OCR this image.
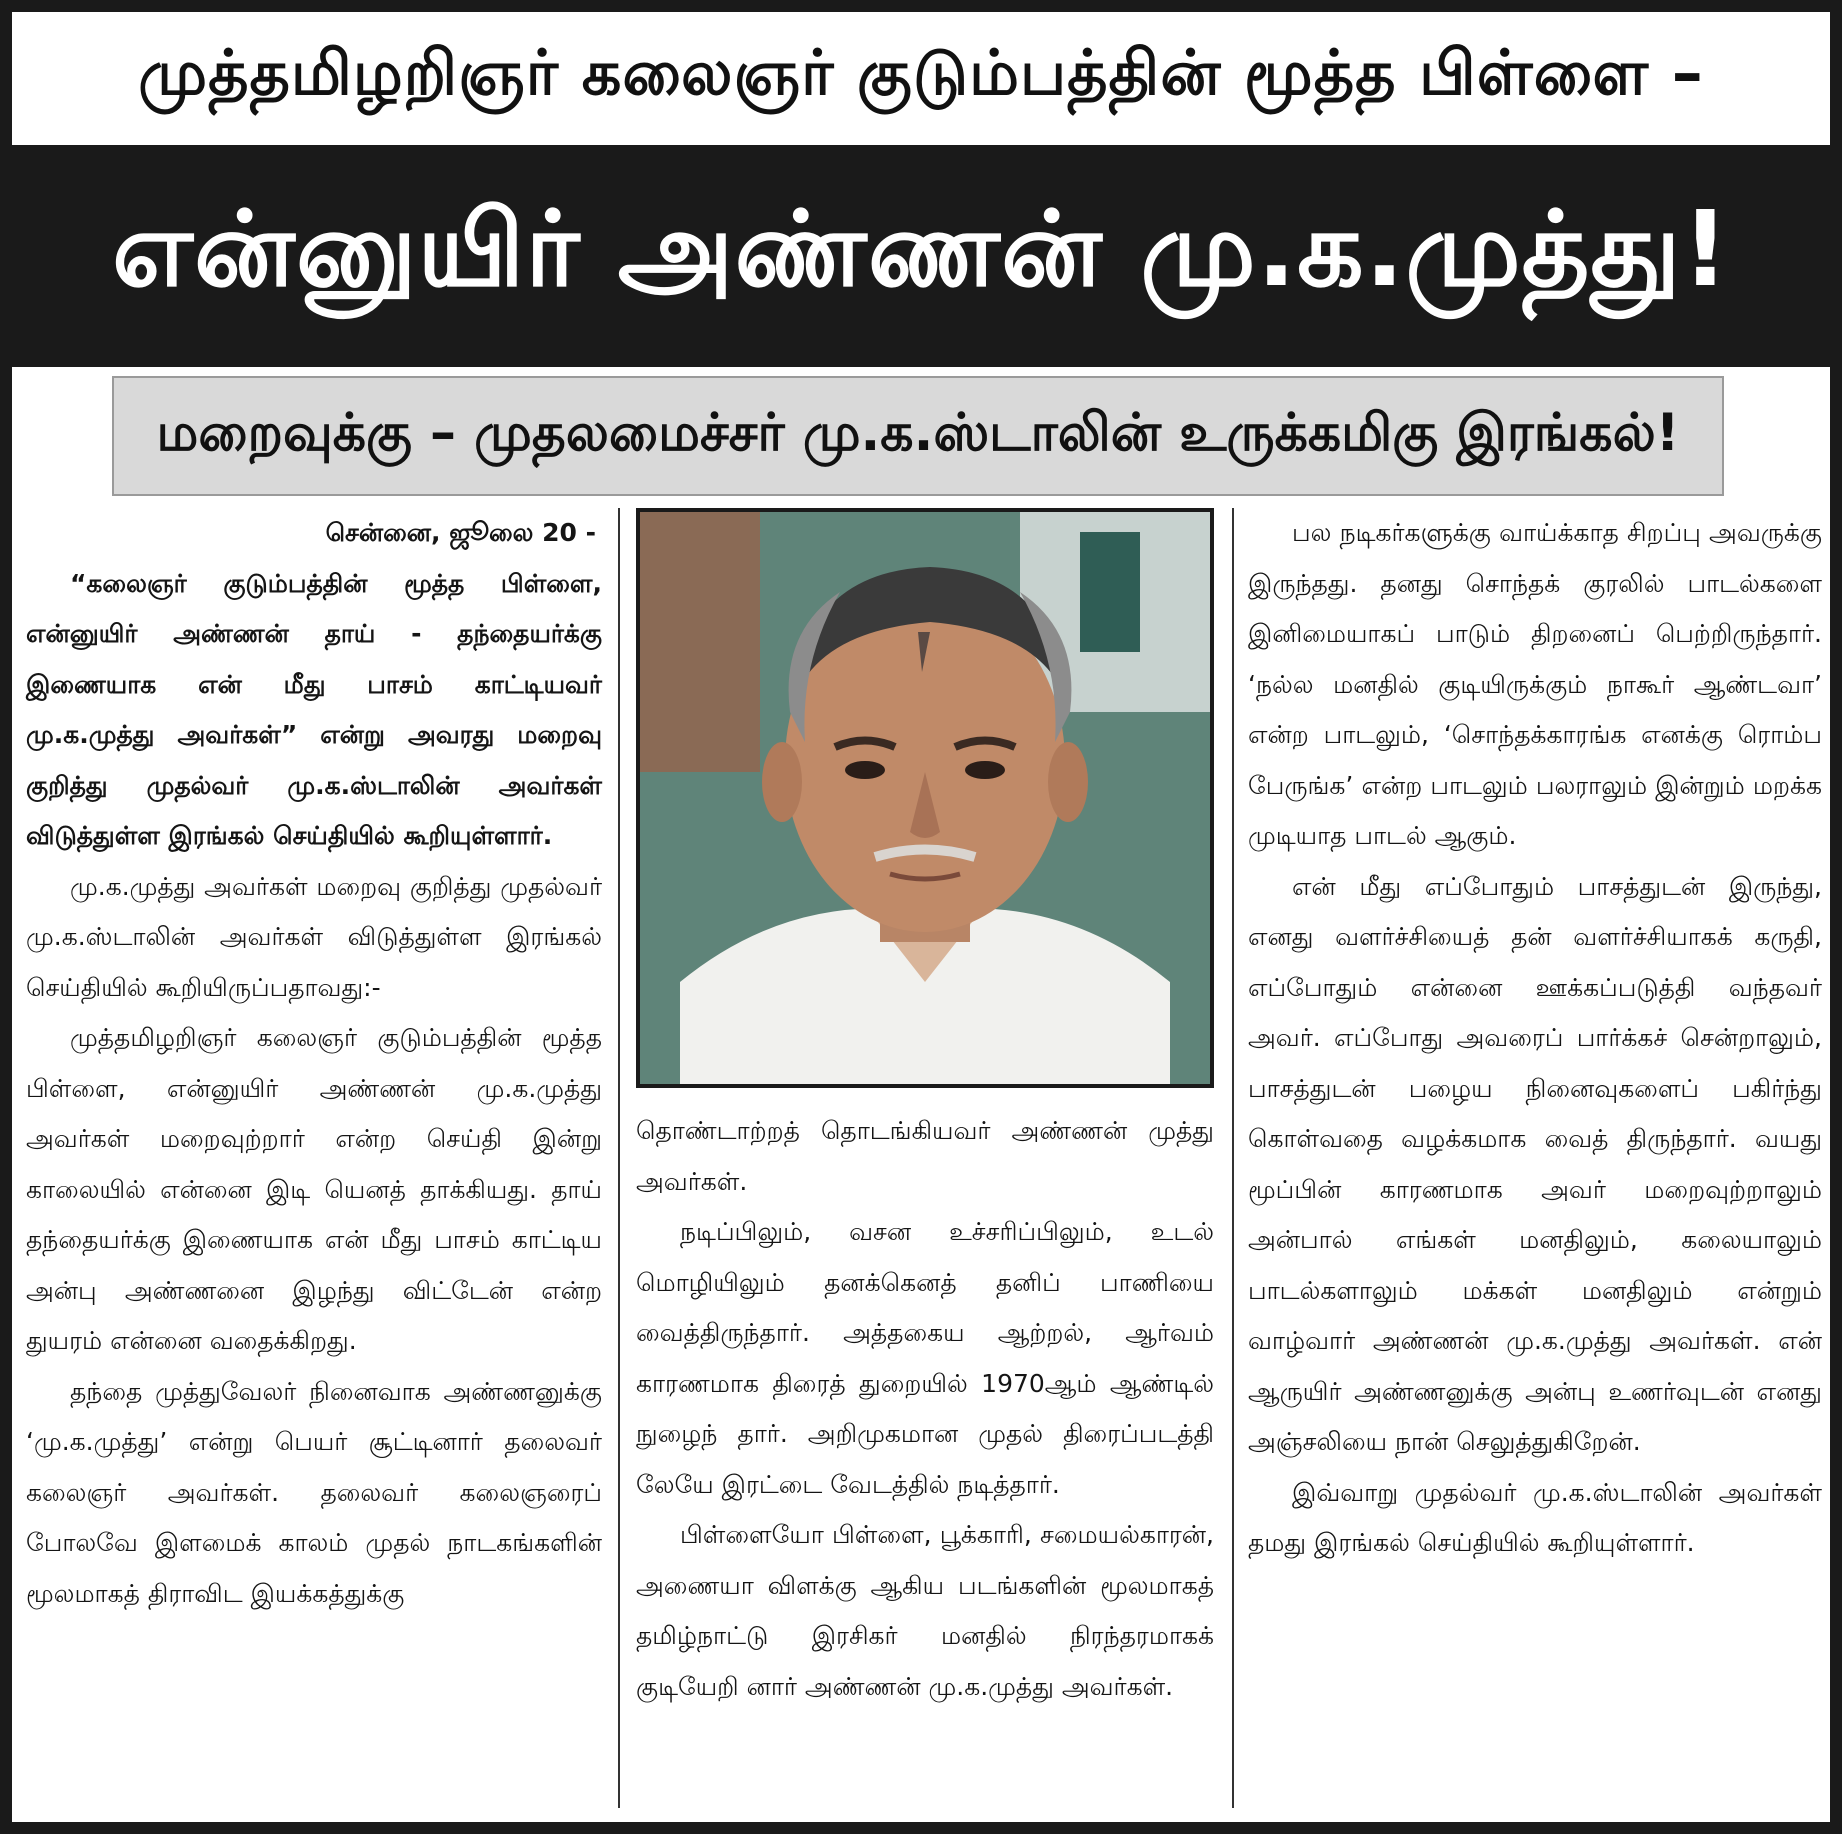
முத்தமிழறிஞர் கலைஞர் குடும்பத்தின் மூத்த பிள்ளை –
என்னுயிர் அண்ணன் மு.க.முத்து!
மறைவுக்கு – முதலமைச்சர் மு.க.ஸ்டாலின் உருக்கமிகு இரங்கல்!
சென்னை, ஜூலை 20 -

“கலைஞர் குடும்பத்தின் மூத்த பிள்ளை, என்னுயிர் அண்ணன் தாய் - தந்தையர்க்கு இணையாக என் மீது பாசம் காட்டியவர் மு.க.முத்து அவர்கள்” என்று அவரது மறைவு குறித்து முதல்வர் மு.க.ஸ்டாலின் அவர்கள் விடுத்துள்ள இரங்கல் செய்தியில் கூறியுள்ளார்.

மு.க.முத்து அவர்கள் மறைவு குறித்து முதல்வர் மு.க.ஸ்டாலின் அவர்கள் விடுத்துள்ள இரங்கல் செய்தியில் கூறியிருப்பதாவது:-

முத்தமிழறிஞர் கலைஞர் குடும்பத்தின் மூத்த பிள்ளை, என்னுயிர் அண்ணன் மு.க.முத்து அவர்கள் மறைவுற்றார் என்ற செய்தி இன்று காலையில் என்னை இடி யெனத் தாக்கியது. தாய் தந்தையர்க்கு இணையாக என் மீது பாசம் காட்டிய அன்பு அண்ணனை இழந்து விட்டேன் என்ற துயரம் என்னை வதைக்கிறது.

தந்தை முத்துவேலர் நினைவாக அண்ணனுக்கு ‘மு.க.முத்து’ என்று பெயர் சூட்டினார் தலைவர் கலைஞர் அவர்கள். தலைவர் கலைஞரைப் போலவே இளமைக் காலம் முதல் நாடகங்களின் மூலமாகத் திராவிட இயக்கத்துக்கு

தொண்டாற்றத் தொடங்கியவர் அண்ணன் முத்து அவர்கள்.

நடிப்பிலும், வசன உச்சரிப்பிலும், உடல் மொழியிலும் தனக்கெனத் தனிப் பாணியை வைத்திருந்தார். அத்தகைய ஆற்றல், ஆர்வம் காரணமாக திரைத் துறையில் 1970ஆம் ஆண்டில் நுழைந் தார். அறிமுகமான முதல் திரைப்படத்தி லேயே இரட்டை வேடத்தில் நடித்தார்.

பிள்ளையோ பிள்ளை, பூக்காரி, சமையல்காரன், அணையா விளக்கு ஆகிய படங்களின் மூலமாகத் தமிழ்நாட்டு இரசிகர் மனதில் நிரந்தரமாகக் குடியேறி னார் அண்ணன் மு.க.முத்து அவர்கள்.

பல நடிகர்களுக்கு வாய்க்காத சிறப்பு அவருக்கு இருந்தது. தனது சொந்தக் குரலில் பாடல்களை இனிமையாகப் பாடும் திறனைப் பெற்றிருந்தார். ‘நல்ல மனதில் குடியிருக்கும் நாகூர் ஆண்டவா’ என்ற பாடலும், ‘சொந்தக்காரங்க எனக்கு ரொம்ப பேருங்க’ என்ற பாடலும் பலராலும் இன்றும் மறக்க முடியாத பாடல் ஆகும்.

என் மீது எப்போதும் பாசத்துடன் இருந்து, எனது வளர்ச்சியைத் தன் வளர்ச்சியாகக் கருதி, எப்போதும் என்னை ஊக்கப்படுத்தி வந்தவர் அவர். எப்போது அவரைப் பார்க்கச் சென்றாலும், பாசத்துடன் பழைய நினைவுகளைப் பகிர்ந்து கொள்வதை வழக்கமாக வைத் திருந்தார். வயது மூப்பின் காரணமாக அவர் மறைவுற்றாலும் அன்பால் எங்கள் மனதிலும், கலையாலும் பாடல்களாலும் மக்கள் மனதிலும் என்றும் வாழ்வார் அண்ணன் மு.க.முத்து அவர்கள். என் ஆருயிர் அண்ணனுக்கு அன்பு உணர்வுடன் எனது அஞ்சலியை நான் செலுத்துகிறேன்.

இவ்வாறு முதல்வர் மு.க.ஸ்டாலின் அவர்கள் தமது இரங்கல் செய்தியில் கூறியுள்ளார்.
